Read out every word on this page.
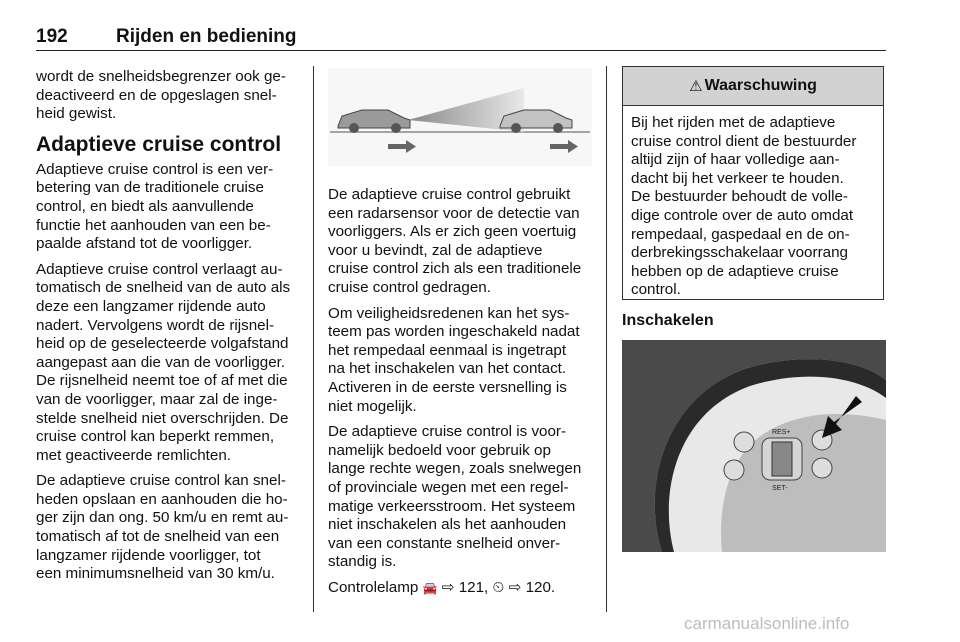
192	Rijden en bediening

wordt de snelheidsbegrenzer ook ge-
deactiveerd en de opgeslagen snel-
heid gewist.

Adaptieve cruise control

Adaptieve cruise control is een ver-
betering van de traditionele cruise
control, en biedt als aanvullende
functie het aanhouden van een be-
paalde afstand tot de voorligger.

Adaptieve cruise control verlaagt au-
tomatisch de snelheid van de auto als
deze een langzamer rijdende auto
nadert. Vervolgens wordt de rijsnel-
heid op de geselecteerde volgafstand
aangepast aan die van de voorligger.
De rijsnelheid neemt toe of af met die
van de voorligger, maar zal de inge-
stelde snelheid niet overschrijden. De
cruise control kan beperkt remmen,
met geactiveerde remlichten.

De adaptieve cruise control kan snel-
heden opslaan en aanhouden die ho-
ger zijn dan ong. 50 km/u en remt au-
tomatisch af tot de snelheid van een
langzamer rijdende voorligger, tot
een minimumsnelheid van 30 km/u.

De adaptieve cruise control gebruikt
een radarsensor voor de detectie van
voorliggers. Als er zich geen voertuig
voor u bevindt, zal de adaptieve
cruise control zich als een traditionele
cruise control gedragen.

Om veiligheidsredenen kan het sys-
teem pas worden ingeschakeld nadat
het rempedaal eenmaal is ingetrapt
na het inschakelen van het contact.
Activeren in de eerste versnelling is
niet mogelijk.

De adaptieve cruise control is voor-
namelijk bedoeld voor gebruik op
lange rechte wegen, zoals snelwegen
of provinciale wegen met een regel-
matige verkeersstroom. Het systeem
niet inschakelen als het aanhouden
van een constante snelheid onver-
standig is.

Controlelamp 🚘 ⇨ 121, ⏲ ⇨ 120.

⚠ Waarschuwing
Bij het rijden met de adaptieve
cruise control dient de bestuurder
altijd zijn of haar volledige aan-
dacht bij het verkeer te houden.
De bestuurder behoudt de volle-
dige controle over de auto omdat
rempedaal, gaspedaal en de on-
derbrekingsschakelaar voorrang
hebben op de adaptieve cruise
control.
Inschakelen
RES+
SET-
carmanualsonline.info
